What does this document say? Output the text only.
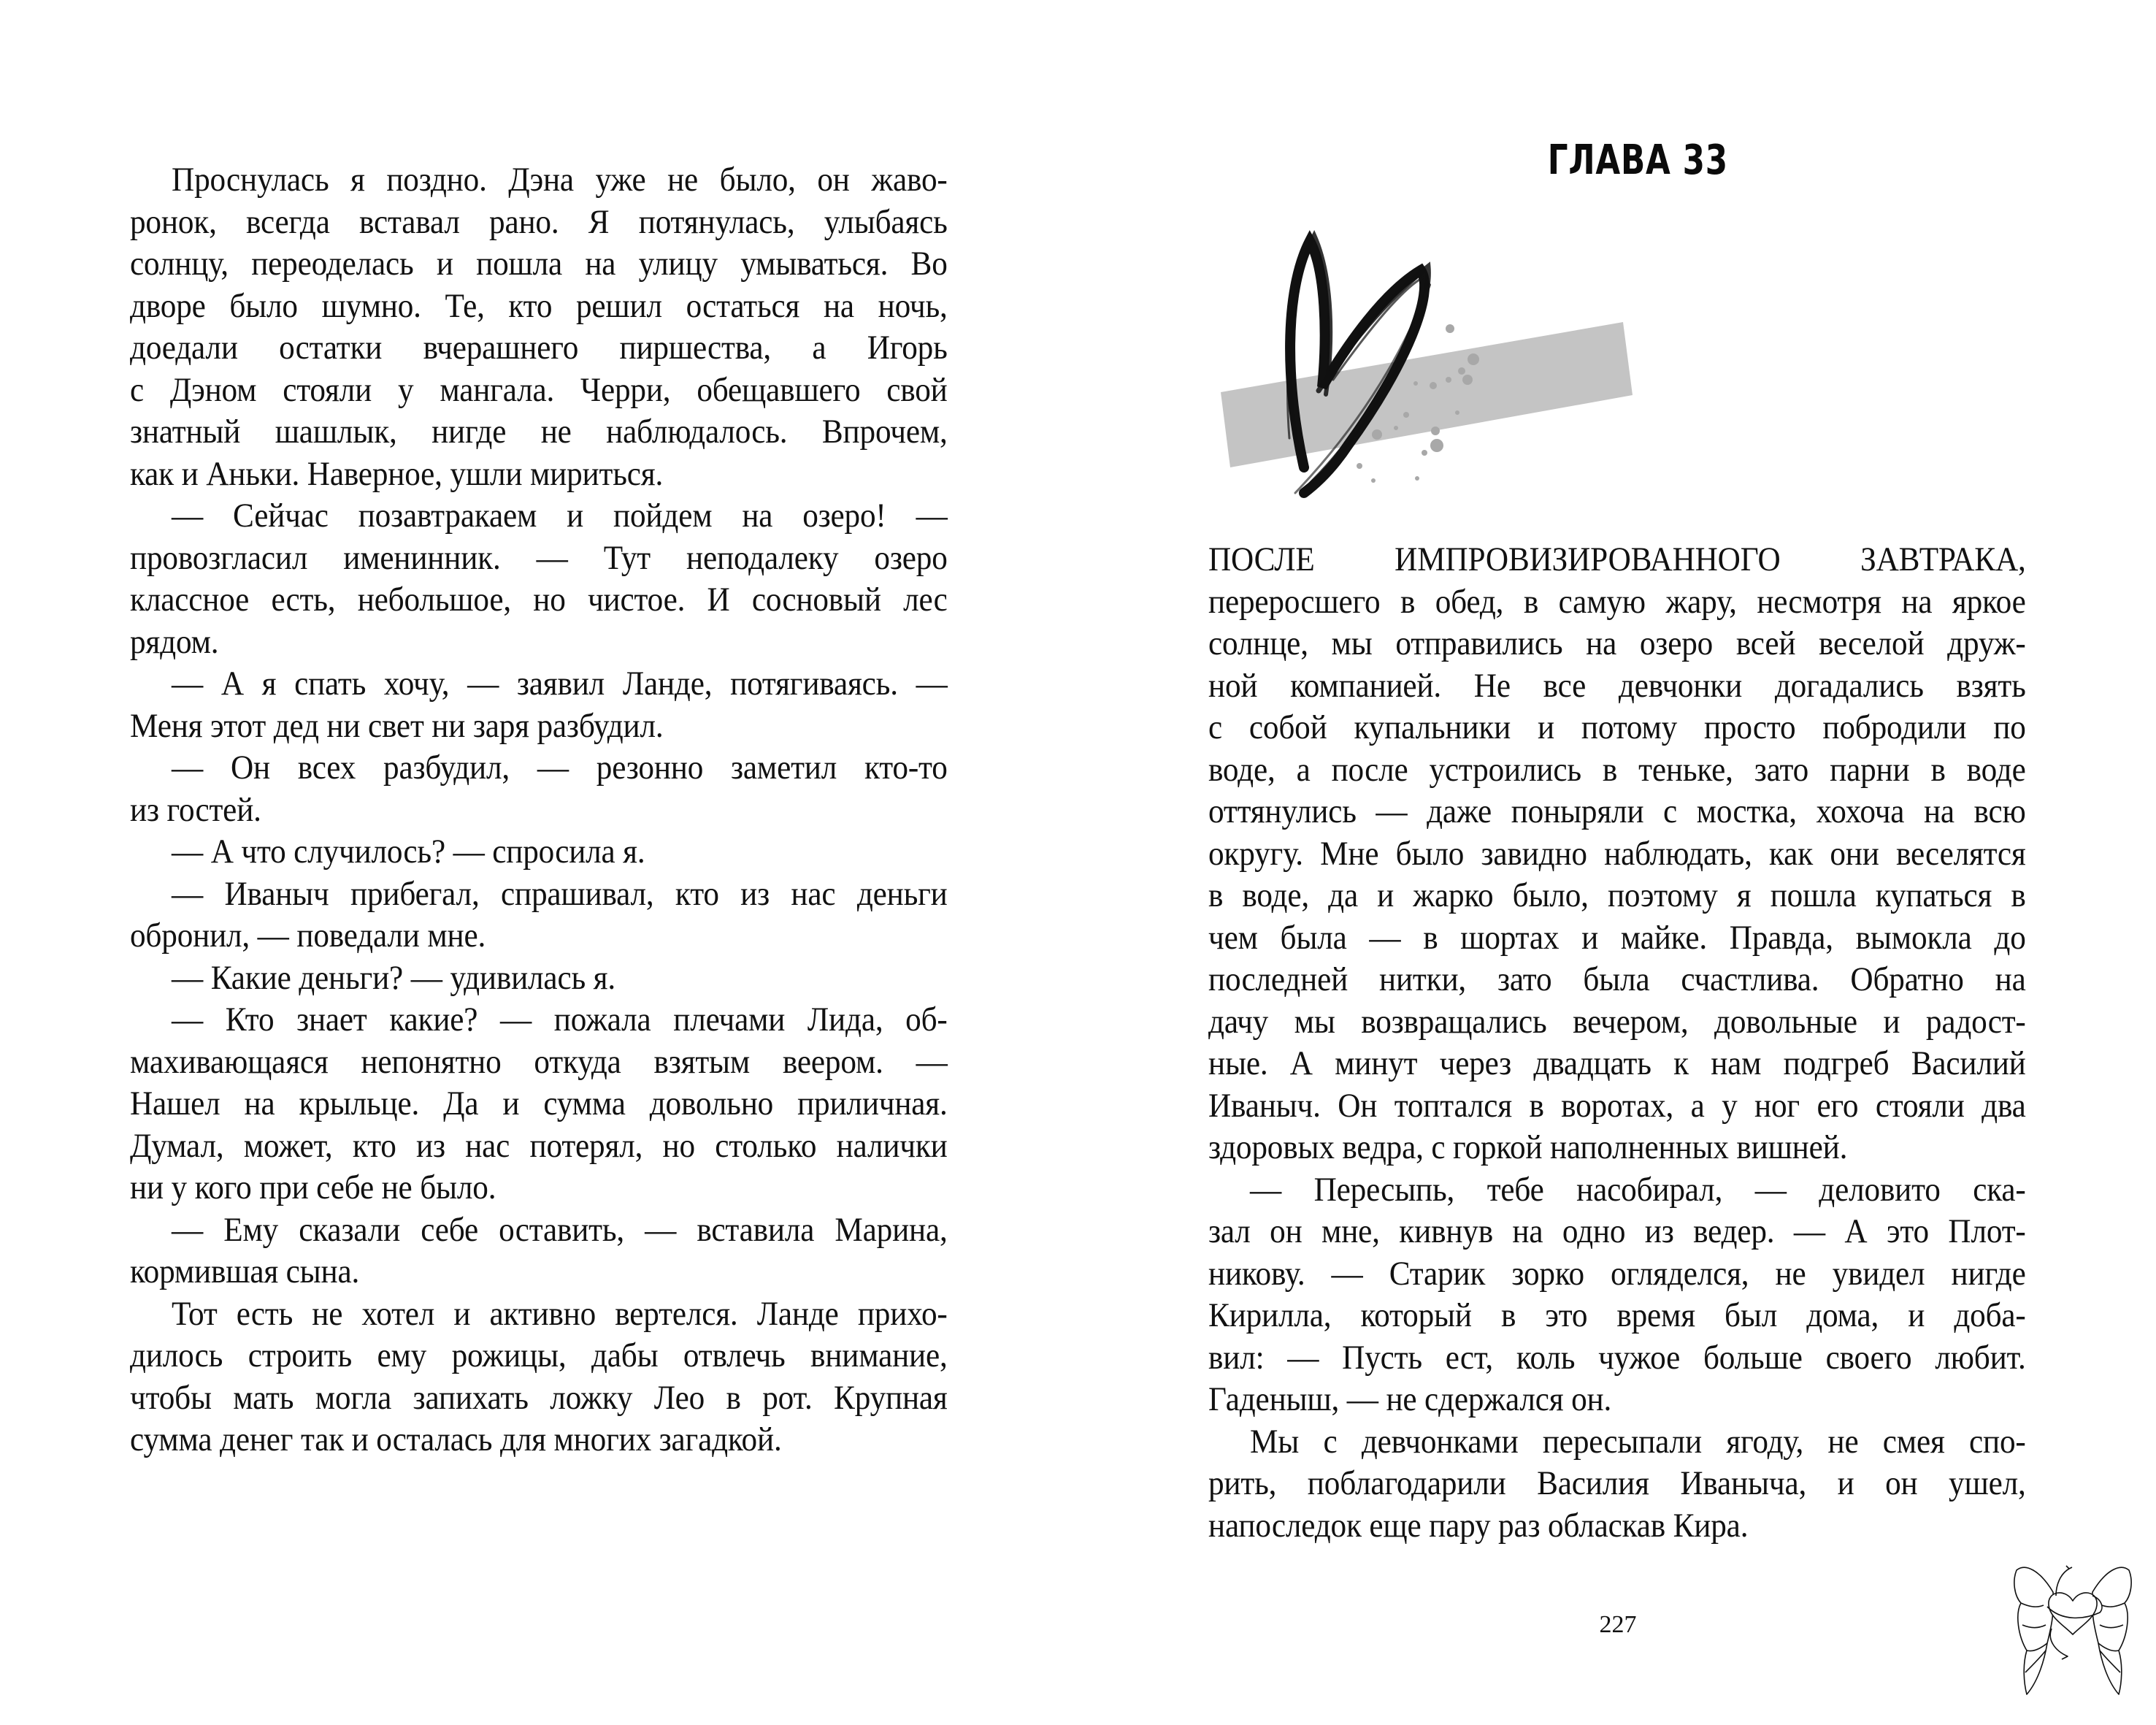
Проснулась я поздно. Дэна уже не было, он жаво-
ронок, всегда вставал рано. Я потянулась, улыбаясь
солнцу, переоделась и пошла на улицу умываться. Во
дворе было шумно. Те, кто решил остаться на ночь,
доедали остатки вчерашнего пиршества, а Игорь
с Дэном стояли у мангала. Черри, обещавшего свой
знатный шашлык, нигде не наблюдалось. Впрочем,
как и Аньки. Наверное, ушли мириться.
— Сейчас позавтракаем и пойдем на озеро! —
провозгласил именинник. — Тут неподалеку озеро
классное есть, небольшое, но чистое. И сосновый лес
рядом.
— А я спать хочу, — заявил Ланде, потягиваясь. —
Меня этот дед ни свет ни заря разбудил.
— Он всех разбудил, — резонно заметил кто-то
из гостей.
— А что случилось? — спросила я.
— Иваныч прибегал, спрашивал, кто из нас деньги
обронил, — поведали мне.
— Какие деньги? — удивилась я.
— Кто знает какие? — пожала плечами Лида, об-
махивающаяся непонятно откуда взятым веером. —
Нашел на крыльце. Да и сумма довольно приличная.
Думал, может, кто из нас потерял, но столько налички
ни у кого при себе не было.
— Ему сказали себе оставить, — вставила Марина,
кормившая сына.
Тот есть не хотел и активно вертелся. Ланде прихо-
дилось строить ему рожицы, дабы отвлечь внимание,
чтобы мать могла запихать ложку Лео в рот. Крупная
сумма денег так и осталась для многих загадкой.
ГЛАВА 33
ПОСЛЕ ИМПРОВИЗИРОВАННОГО ЗАВТРАКА,
переросшего в обед, в самую жару, несмотря на яркое
солнце, мы отправились на озеро всей веселой друж-
ной компанией. Не все девчонки догадались взять
с собой купальники и потому просто побродили по
воде, а после устроились в теньке, зато парни в воде
оттянулись — даже поныряли с мостка, хохоча на всю
округу. Мне было завидно наблюдать, как они веселятся
в воде, да и жарко было, поэтому я пошла купаться в
чем была — в шортах и майке. Правда, вымокла до
последней нитки, зато была счастлива. Обратно на
дачу мы возвращались вечером, довольные и радост-
ные. А минут через двадцать к нам подгреб Василий
Иваныч. Он топтался в воротах, а у ног его стояли два
здоровых ведра, с горкой наполненных вишней.
— Пересыпь, тебе насобирал, — деловито ска-
зал он мне, кивнув на одно из ведер. — А это Плот-
никову. — Старик зорко огляделся, не увидел нигде
Кирилла, который в это время был дома, и доба-
вил: — Пусть ест, коль чужое больше своего любит.
Гаденыш, — не сдержался он.
Мы с девчонками пересыпали ягоду, не смея спо-
рить, поблагодарили Василия Иваныча, и он ушел,
напоследок еще пару раз обласкав Кира.
227
